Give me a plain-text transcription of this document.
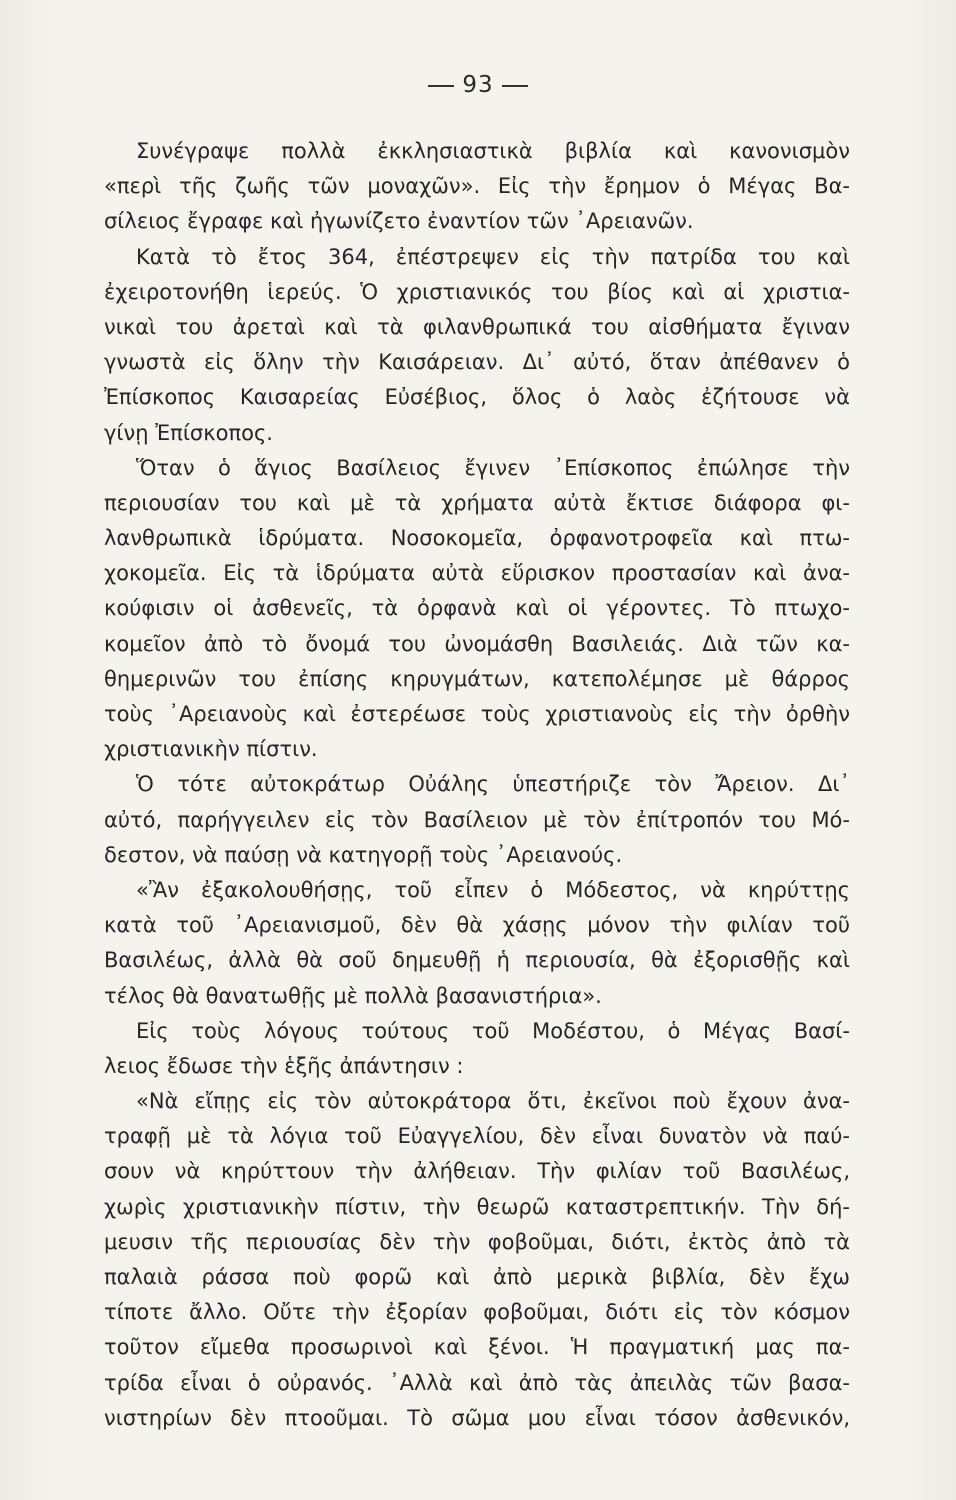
93
Συνέγραψε πολλὰ ἐκκλησιαστικὰ βιβλία καὶ κανονισμὸν
«περὶ τῆς ζωῆς τῶν μοναχῶν». Εἰς τὴν ἔρημον ὁ Μέγας Βα-
σίλειος ἔγραφε καὶ ἠγωνίζετο ἐναντίον τῶν ᾿Αρειανῶν.
Κατὰ τὸ ἔτος 364, ἐπέστρεψεν εἰς τὴν πατρίδα του καὶ
ἐχειροτονήθη ἱερεύς. Ὁ χριστιανικός του βίος καὶ αἱ χριστια-
νικαὶ του ἀρεταὶ καὶ τὰ φιλανθρωπικά του αἰσθήματα ἔγιναν
γνωστὰ εἰς ὅλην τὴν Καισάρειαν. Δι᾿ αὐτό, ὅταν ἀπέθανεν ὁ
Ἐπίσκοπος Καισαρείας Εὐσέβιος, ὅλος ὁ λαὸς ἐζήτουσε νὰ
γίνῃ Ἐπίσκοπος.
Ὅταν ὁ ἅγιος Βασίλειος ἔγινεν ᾿Επίσκοπος ἐπώλησε τὴν
περιουσίαν του καὶ μὲ τὰ χρήματα αὐτὰ ἔκτισε διάφορα φι-
λανθρωπικὰ ἱδρύματα. Νοσοκομεῖα, ὀρφανοτροφεῖα καὶ πτω-
χοκομεῖα. Εἰς τὰ ἱδρύματα αὐτὰ εὕρισκον προστασίαν καὶ ἀνα-
κούφισιν οἱ ἀσθενεῖς, τὰ ὀρφανὰ καὶ οἱ γέροντες. Τὸ πτωχο-
κομεῖον ἀπὸ τὸ ὄνομά του ὠνομάσθη Βασιλειάς. Διὰ τῶν κα-
θημερινῶν του ἐπίσης κηρυγμάτων, κατεπολέμησε μὲ θάρρος
τοὺς ᾿Αρειανοὺς καὶ ἐστερέωσε τοὺς χριστιανοὺς εἰς τὴν ὀρθὴν
χριστιανικὴν πίστιν.
Ὁ τότε αὐτοκράτωρ Οὐάλης ὑπεστήριζε τὸν Ἄρειον. Δι᾿
αὐτό, παρήγγειλεν εἰς τὸν Βασίλειον μὲ τὸν ἐπίτροπόν του Μό-
δεστον, νὰ παύσῃ νὰ κατηγορῇ τοὺς ᾿Αρειανούς.
«Ἂν ἐξακολουθήσῃς, τοῦ εἶπεν ὁ Μόδεστος, νὰ κηρύττῃς
κατὰ τοῦ ᾿Αρειανισμοῦ, δὲν θὰ χάσῃς μόνον τὴν φιλίαν τοῦ
Βασιλέως, ἀλλὰ θὰ σοῦ δημευθῇ ἡ περιουσία, θὰ ἐξορισθῇς καὶ
τέλος θὰ θανατωθῇς μὲ πολλὰ βασανιστήρια».
Εἰς τοὺς λόγους τούτους τοῦ Μοδέστου, ὁ Μέγας Βασί-
λειος ἔδωσε τὴν ἑξῆς ἀπάντησιν :
«Νὰ εἴπῃς εἰς τὸν αὐτοκράτορα ὅτι, ἐκεῖνοι ποὺ ἔχουν ἀνα-
τραφῇ μὲ τὰ λόγια τοῦ Εὐαγγελίου, δὲν εἶναι δυνατὸν νὰ παύ-
σουν νὰ κηρύττουν τὴν ἀλήθειαν. Τὴν φιλίαν τοῦ Βασιλέως,
χωρὶς χριστιανικὴν πίστιν, τὴν θεωρῶ καταστρεπτικήν. Τὴν δή-
μευσιν τῆς περιουσίας δὲν τὴν φοβοῦμαι, διότι, ἐκτὸς ἀπὸ τὰ
παλαιὰ ράσσα ποὺ φορῶ καὶ ἀπὸ μερικὰ βιβλία, δὲν ἔχω
τίποτε ἄλλο. Οὔτε τὴν ἐξορίαν φοβοῦμαι, διότι εἰς τὸν κόσμον
τοῦτον εἴμεθα προσωρινοὶ καὶ ξένοι. Ἡ πραγματική μας πα-
τρίδα εἶναι ὁ οὐρανός. ᾿Αλλὰ καὶ ἀπὸ τὰς ἀπειλὰς τῶν βασα-
νιστηρίων δὲν πτοοῦμαι. Τὸ σῶμα μου εἶναι τόσον ἀσθενικόν,
